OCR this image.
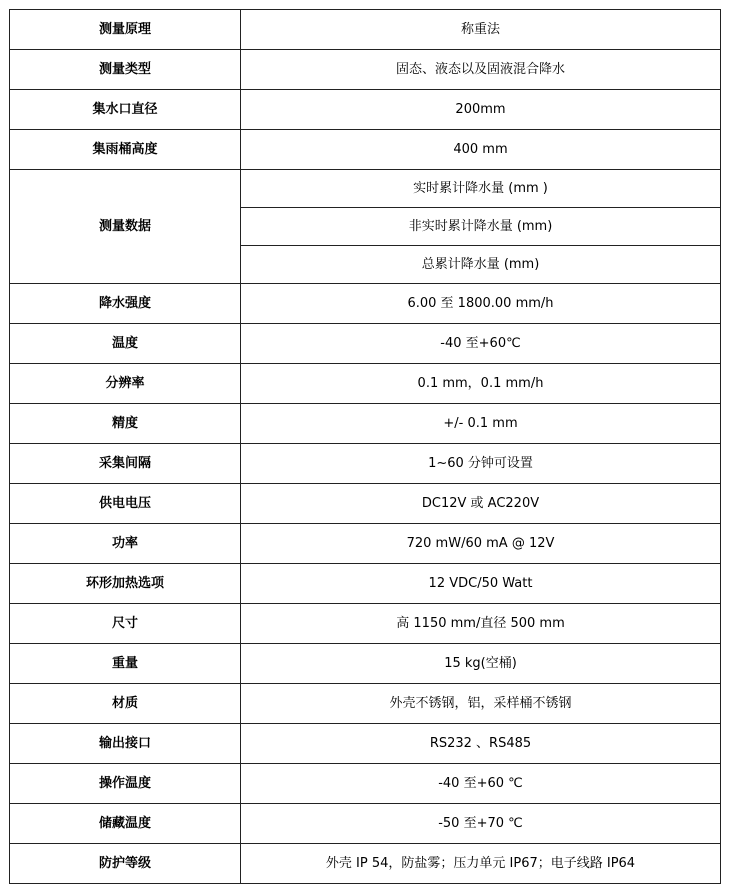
测量原理	称重法
测量类型	固态、液态以及固液混合降水
集水口直径	200mm
集雨桶高度	400 mm
测量数据	实时累计降水量 (mm )
	非实时累计降水量 (mm)
	总累计降水量 (mm)
降水强度	6.00 至 1800.00 mm/h
温度	-40 至+60℃
分辨率	0.1 mm，0.1 mm/h
精度	+/- 0.1 mm
采集间隔	1~60 分钟可设置
供电电压	DC12V 或 AC220V
功率	720 mW/60 mA @ 12V
环形加热选项	12 VDC/50 Watt
尺寸	高 1150 mm/直径 500 mm
重量	15 kg(空桶)
材质	外壳不锈钢，铝，采样桶不锈钢
输出接口	RS232 、RS485
操作温度	-40 至+60 ℃
储藏温度	-50 至+70 ℃
防护等级	外壳 IP 54，防盐雾；压力单元 IP67；电子线路 IP64
